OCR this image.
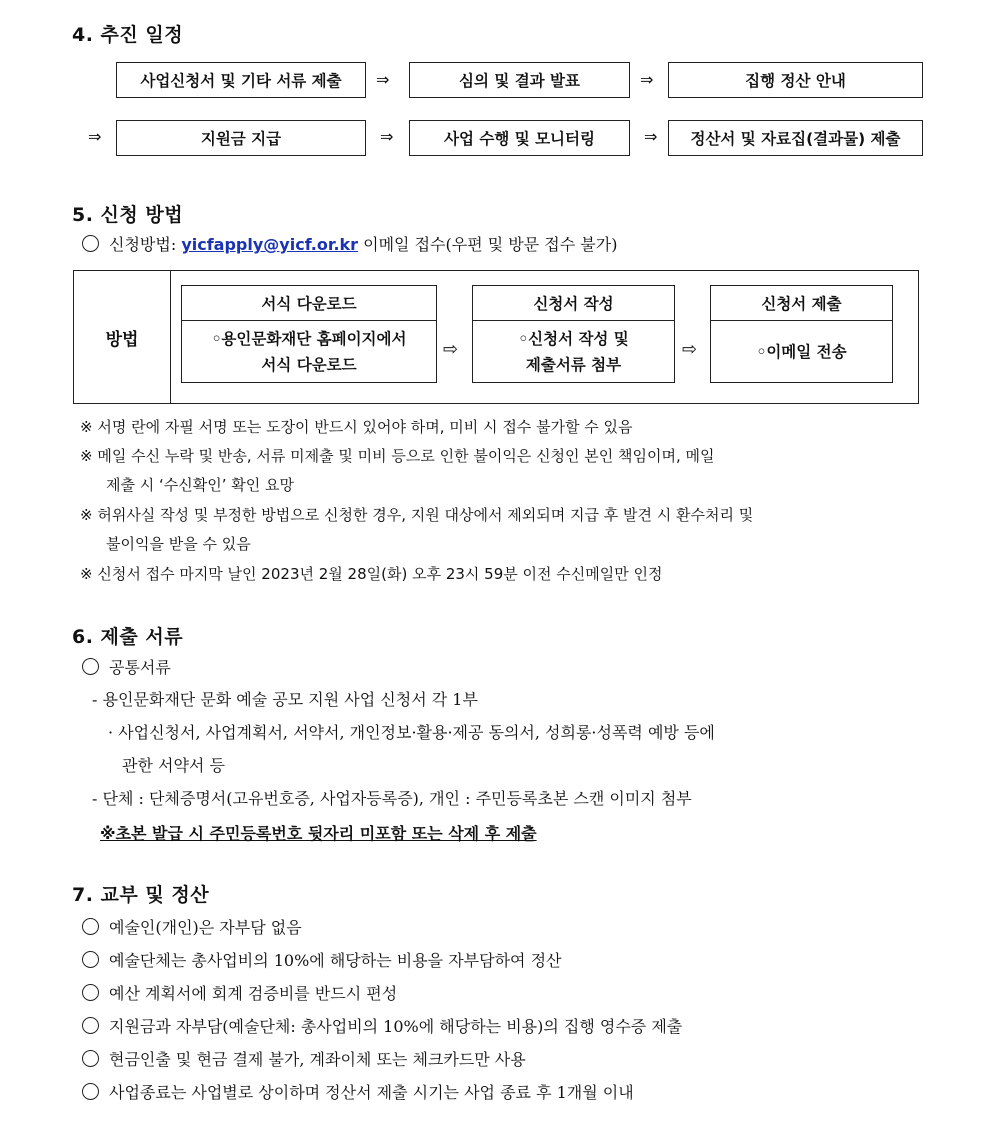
4. 추진 일정
사업신청서 및 기타 서류 제출	⇒	심의 및 결과 발표	⇒	집행 정산 안내
⇒	지원금 지급	⇒	사업 수행 및 모니터링	⇒	정산서 및 자료집(결과물) 제출
5. 신청 방법
신청방법: yicfapply@yicf.or.kr 이메일 접수(우편 및 방문 접수 불가)
방법
서식 다운로드
◦용인문화재단 홈페이지에서
서식 다운로드
⇨
신청서 작성
◦신청서 작성 및
제출서류 첨부
⇨
신청서 제출
◦이메일 전송
※ 서명 란에 자필 서명 또는 도장이 반드시 있어야 하며, 미비 시 접수 불가할 수 있음
※ 메일 수신 누락 및 반송, 서류 미제출 및 미비 등으로 인한 불이익은 신청인 본인 책임이며, 메일
제출 시 ‘수신확인’ 확인 요망
※ 허위사실 작성 및 부정한 방법으로 신청한 경우, 지원 대상에서 제외되며 지급 후 발견 시 환수처리 및
불이익을 받을 수 있음
※ 신청서 접수 마지막 날인 2023년 2월 28일(화) 오후 23시 59분 이전 수신메일만 인정
6. 제출 서류
공통서류
- 용인문화재단 문화 예술 공모 지원 사업 신청서 각 1부
· 사업신청서, 사업계획서, 서약서, 개인정보·활용·제공 동의서, 성희롱·성폭력 예방 등에
관한 서약서 등
- 단체 : 단체증명서(고유번호증, 사업자등록증), 개인 : 주민등록초본 스캔 이미지 첨부
※초본 발급 시 주민등록번호 뒷자리 미포함 또는 삭제 후 제출
7. 교부 및 정산
예술인(개인)은 자부담 없음
예술단체는 총사업비의 10%에 해당하는 비용을 자부담하여 정산
예산 계획서에 회계 검증비를 반드시 편성
지원금과 자부담(예술단체: 총사업비의 10%에 해당하는 비용)의 집행 영수증 제출
현금인출 및 현금 결제 불가, 계좌이체 또는 체크카드만 사용
사업종료는 사업별로 상이하며 정산서 제출 시기는 사업 종료 후 1개월 이내
